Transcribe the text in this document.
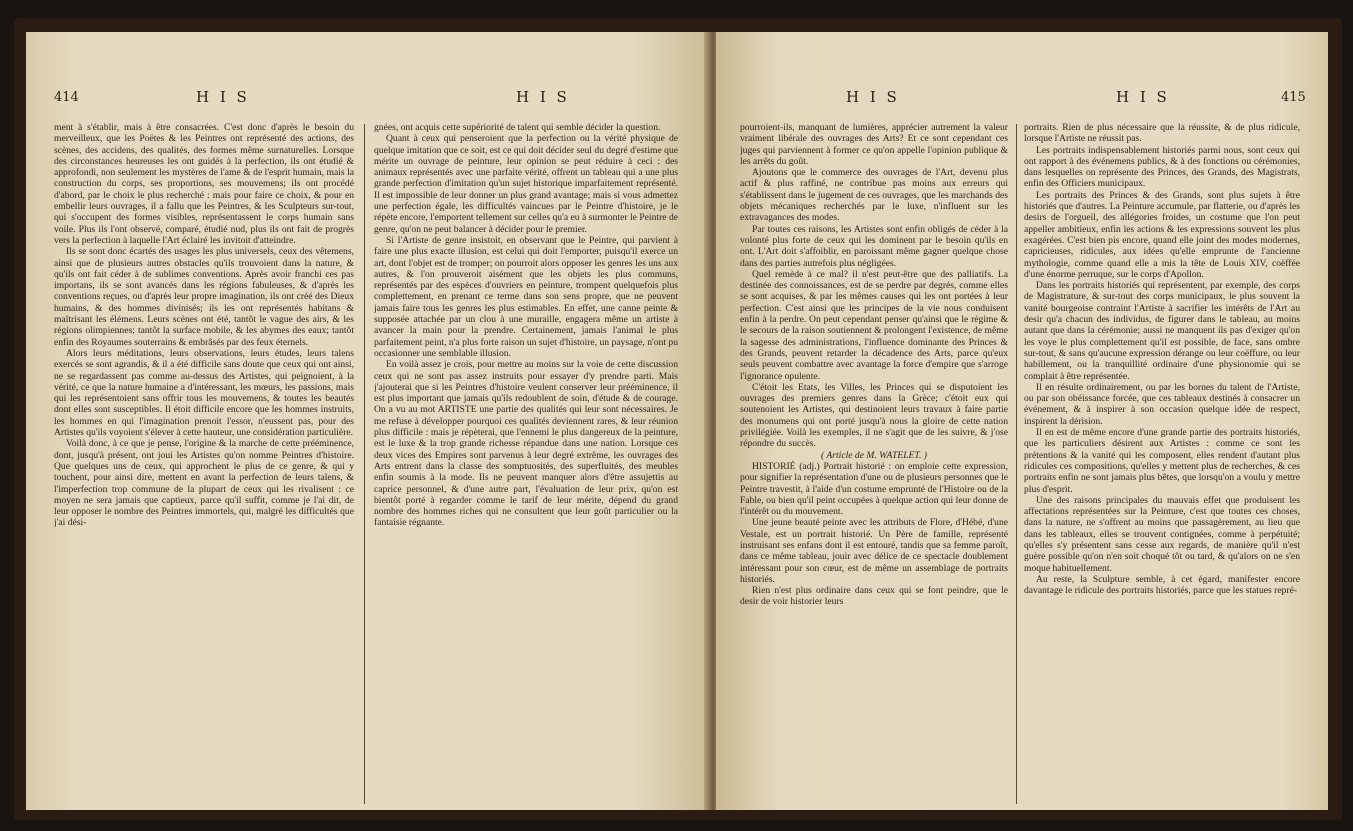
414	H I S	H I S

ment à s'établir, mais à être consacrées. C'est donc d'après le besoin du merveilleux, que les Poëtes & les Peintres ont représenté des actions, des scènes, des accidens, des qualités, des formes même surnaturelles. Lorsque des circonstances heureuses les ont guidés à la perfection, ils ont étudié & approfondi, non seulement les mystères de l'ame & de l'esprit humain, mais la construction du corps, ses proportions, ses mouvemens; ils ont procédé d'abord, par le choix le plus recherché : mais pour faire ce choix, & pour en embellir leurs ouvrages, il a fallu que les Peintres, & les Sculpteurs sur-tout, qui s'occupent des formes visibles, représentassent le corps humain sans voile. Plus ils l'ont observé, comparé, étudié nud, plus ils ont fait de progrès vers la perfection à laquelle l'Art éclairé les invitoit d'atteindre.

Ils se sont donc écartés des usages les plus universels, ceux des vêtemens, ainsi que de plusieurs autres obstacles qu'ils trouvoient dans la nature, & qu'ils ont fait céder à de sublimes conventions. Après avoir franchi ces pas importans, ils se sont avancés dans les régions fabuleuses, & d'après les conventions reçues, ou d'après leur propre imagination, ils ont créé des Dieux humains, & des hommes divinisés; ils les ont représentés habitans & maîtrisant les élémens. Leurs scènes ont été, tantôt le vague des airs, & les régions olimpiennes; tantôt la surface mobile, & les abymes des eaux; tantôt enfin des Royaumes souterrains & embrâsés par des feux éternels.

Alors leurs méditations, leurs observations, leurs études, leurs talens exercés se sont agrandis, & il a été difficile sans doute que ceux qui ont ainsi, ne se regardassent pas comme au-dessus des Artistes, qui peignoient, à la vérité, ce que la nature humaine a d'intéressant, les mœurs, les passions, mais qui les représentoient sans offrir tous les mouvemens, & toutes les beautés dont elles sont susceptibles. Il étoit difficile encore que les hommes instruits, les hommes en qui l'imagination prenoit l'essor, n'eussent pas, pour des Artistes qu'ils voyoient s'élever à cette hauteur, une considération particulière.

Voilà donc, à ce que je pense, l'origine & la marche de cette prééminence, dont, jusqu'à présent, ont joui les Artistes qu'on nomme Peintres d'histoire. Que quelques uns de ceux, qui approchent le plus de ce genre, & qui y touchent, pour ainsi dire, mettent en avant la perfection de leurs talens, & l'imperfection trop commune de la plupart de ceux qui les rivalisent : ce moyen ne sera jamais que captieux, parce qu'il suffit, comme je l'ai dit, de leur opposer le nombre des Peintres immortels, qui, malgré les difficultés que j'ai dési-

gnées, ont acquis cette supériorité de talent qui semble décider la question.

Quant à ceux qui penseroient que la perfection ou la vérité physique de quelque imitation que ce soit, est ce qui doit décider seul du degré d'estime que mérite un ouvrage de peinture, leur opinion se peut réduire à ceci : des animaux représentés avec une parfaite vérité, offrent un tableau qui a une plus grande perfection d'imitation qu'un sujet historique imparfaitement représenté. Il est impossible de leur donner un plus grand avantage; mais si vous admettez une perfection égale, les difficultés vaincues par le Peintre d'histoire, je le répète encore, l'emportent tellement sur celles qu'a eu à surmonter le Peintre de genre, qu'on ne peut balancer à décider pour le premier.

Si l'Artiste de genre insistoit, en observant que le Peintre, qui parvient à faire une plus exacte illusion, est celui qui doit l'emporter, puisqu'il exerce un art, dont l'objet est de tromper; on pourroit alors opposer les genres les uns aux autres, & l'on prouveroit aisément que les objets les plus communs, représentés par des espèces d'ouvriers en peinture, trompent quelquefois plus complettement, en prenant ce terme dans son sens propre, que ne peuvent jamais faire tous les genres les plus estimables. En effet, une canne peinte & supposée attachée par un clou à une muraille, engagera même un artiste à avancer la main pour la prendre. Certainement, jamais l'animal le plus parfaitement peint, n'a plus forte raison un sujet d'histoire, un paysage, n'ont pu occasionner une semblable illusion.

En voilà assez je crois, pour mettre au moins sur la voie de cette discussion ceux qui ne sont pas assez instruits pour essayer d'y prendre parti. Mais j'ajouterai que si les Peintres d'histoire veulent conserver leur prééminence, il est plus important que jamais qu'ils redoublent de soin, d'étude & de courage. On a vu au mot ARTISTE une partie des qualités qui leur sont nécessaires. Je me refuse à développer pourquoi ces qualités deviennent rares, & leur réunion plus difficile : mais je répèterai, que l'ennemi le plus dangereux de la peinture, est le luxe & la trop grande richesse répandue dans une nation. Lorsque ces deux vices des Empires sont parvenus à leur degré extrême, les ouvrages des Arts entrent dans la classe des somptuosités, des superfluités, des meubles enfin soumis à la mode. Ils ne peuvent manquer alors d'être assujettis au caprice personnel, & d'une autre part, l'évaluation de leur prix, qu'on est bientôt porté à regarder comme le tarif de leur mérite, dépend du grand nombre des hommes riches qui ne consultent que leur goût particulier ou la fantaisie régnante.

H I S	H I S	415

pourroient-ils, manquant de lumières, apprécier autrement la valeur vraiment libérale des ouvrages des Arts? Et ce sont cependant ces juges qui parviennent à former ce qu'on appelle l'opinion publique & les arrêts du goût.

Ajoutons que le commerce des ouvrages de l'Art, devenu plus actif & plus raffiné, ne contribue pas moins aux erreurs qui s'établissent dans le jugement de ces ouvrages, que les marchands des objets mécaniques recherchés par le luxe, n'influent sur les extravagances des modes.

Par toutes ces raisons, les Artistes sont enfin obligés de céder à la volonté plus forte de ceux qui les dominent par le besoin qu'ils en ont. L'Art doit s'affoiblir, en paroissant même gagner quelque chose dans des parties autrefois plus négligées.

Quel remède à ce mal? il n'est peut-être que des palliatifs. La destinée des connoissances, est de se perdre par degrés, comme elles se sont acquises, & par les mêmes causes qui les ont portées à leur perfection. C'est ainsi que les principes de la vie nous conduisent enfin à la perdre. On peut cependant penser qu'ainsi que le régime & le secours de la raison soutiennent & prolongent l'existence, de même la sagesse des administrations, l'influence dominante des Princes & des Grands, peuvent retarder la décadence des Arts, parce qu'eux seuls peuvent combattre avec avantage la force d'empire que s'arroge l'ignorance opulente.

C'étoit les Etats, les Villes, les Princes qui se disputoient les ouvrages des premiers genres dans la Grèce; c'étoit eux qui soutenoient les Artistes, qui destinoient leurs travaux à faire partie des monumens qui ont porté jusqu'à nous la gloire de cette nation privilégiée. Voilà les exemples, il ne s'agit que de les suivre, & j'ose répondre du succès.

( Article de M. WATELET. )

HISTORIÉ (adj.) Portrait historié : on emploie cette expression, pour signifier la représentation d'une ou de plusieurs personnes que le Peintre travestit, à l'aide d'un costume emprunté de l'Histoire ou de la Fable, ou bien qu'il peint occupées à quelque action qui leur donne de l'intérêt ou du mouvement.

Une jeune beauté peinte avec les attributs de Flore, d'Hébé, d'une Vestale, est un portrait historié. Un Père de famille, représenté instruisant ses enfans dont il est entouré, tandis que sa femme paroît, dans ce même tableau, jouir avec délice de ce spectacle doublement intéressant pour son cœur, est de même un assemblage de portraits historiés.

Rien n'est plus ordinaire dans ceux qui se font peindre, que le desir de voir historier leurs

portraits. Rien de plus nécessaire que la réussite, & de plus ridicule, lorsque l'Artiste ne réussit pas.

Les portraits indispensablement historiés parmi nous, sont ceux qui ont rapport à des événemens publics, & à des fonctions ou cérémonies, dans lesquelles on représente des Princes, des Grands, des Magistrats, enfin des Officiers municipaux.

Les portraits des Princes & des Grands, sont plus sujets à être historiés que d'autres. La Peinture accumule, par flatterie, ou d'après les desirs de l'orgueil, des allégories froides, un costume que l'on peut appeller ambitieux, enfin les actions & les expressions souvent les plus exagérées. C'est bien pis encore, quand elle joint des modes modernes, capricieuses, ridicules, aux idées qu'elle emprunte de l'ancienne mythologie, comme quand elle a mis la tête de Louis XIV, coëffée d'une énorme perruque, sur le corps d'Apollon.

Dans les portraits historiés qui représentent, par exemple, des corps de Magistrature, & sur-tout des corps municipaux, le plus souvent la vanité bourgeoise contraint l'Artiste à sacrifier les intérêts de l'Art au desir qu'a chacun des individus, de figurer dans le tableau, au moins autant que dans la cérémonie; aussi ne manquent ils pas d'exiger qu'on les voye le plus complettement qu'il est possible, de face, sans ombre sur-tout, & sans qu'aucune expression dérange ou leur coëffure, ou leur habillement, ou la tranquillité ordinaire d'une physionomie qui se complait à être représentée.

Il en résulte ordinairement, ou par les bornes du talent de l'Artiste, ou par son obéissance forcée, que ces tableaux destinés à consacrer un événement, & à inspirer à son occasion quelque idée de respect, inspirent la dérision.

Il en est de même encore d'une grande partie des portraits historiés, que les particuliers désirent aux Artistes : comme ce sont les prétentions & la vanité qui les composent, elles rendent d'autant plus ridicules ces compositions, qu'elles y mettent plus de recherches, & ces portraits enfin ne sont jamais plus bêtes, que lorsqu'on a voulu y mettre plus d'esprit.

Une des raisons principales du mauvais effet que produisent les affectations représentées sur la Peinture, c'est que toutes ces choses, dans la nature, ne s'offrent au moins que passagèrement, au lieu que dans les tableaux, elles se trouvent contignées, comme à perpétuité; qu'elles s'y présentent sans cesse aux regards, de manière qu'il n'est guère possible qu'on n'en soit choqué tôt ou tard, & qu'alors on ne s'en moque habituellement.

Au reste, la Sculpture semble, à cet égard, manifester encore davantage le ridicule des portraits historiés, parce que les statues repré-
